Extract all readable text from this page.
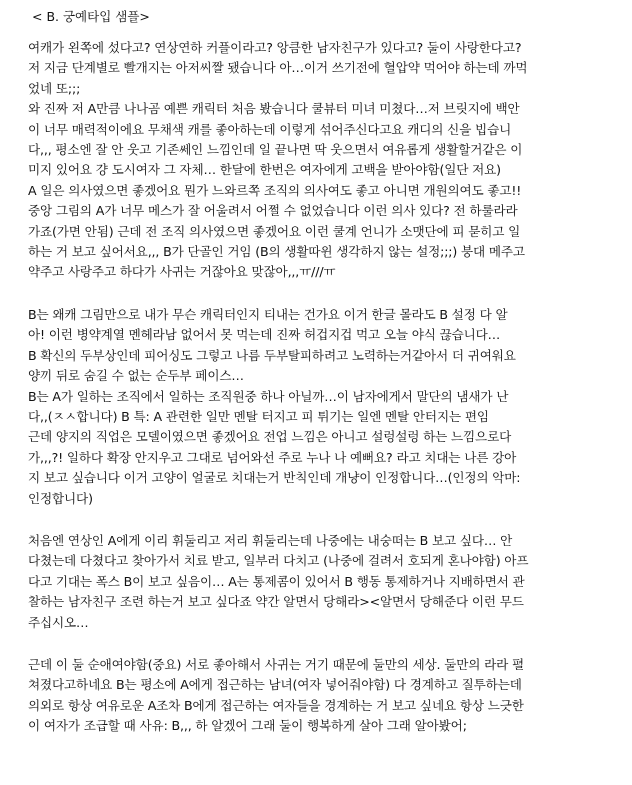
< B. 궁예타입 샘플>
여캐가 왼쪽에 섰다고? 연상연하 커플이라고? 앙큼한 남자친구가 있다고? 둘이 사랑한다고?
저 지금 단계별로 빨개지는 아저씨짤 됐습니다 아…이거 쓰기전에 혈압약 먹어야 하는데 까먹
었네 또;;;
와 진짜 저 A만큼 나나곰 예쁜 캐릭터 처음 봤습니다 쿨뷰터 미녀 미쳤다…저 브릿지에 백안
이 너무 매력적이에요 무채색 캐를 좋아하는데 이렇게 섞어주신다고요 캐디의 신을 빕습니
다,,, 평소엔 잘 안 웃고 기존쎄인 느낌인데 일 끝나면 딱 웃으면서 여유롭게 생활할거같은 이
미지 있어요 걍 도시여자 그 자체… 한달에 한번은 여자에게 고백을 받아야함(일단 저요)
A 일은 의사였으면 좋겠어요 뭔가 느와르쪽 조직의 의사여도 좋고 아니면 개원의여도 좋고!!
중앙 그림의 A가 너무 메스가 잘 어울려서 어쩔 수 없었습니다 이런 의사 있다? 전 하룰라라
가죠(가면 안됨) 근데 전 조직 의사였으면 좋겠어요 이런 쿨계 언니가 소맷단에 피 묻히고 일
하는 거 보고 싶어서요,,, B가 단골인 거임 (B의 생활따윈 생각하지 않는 설정;;;) 붕대 메주고
약주고 사랑주고 하다가 사귀는 거잖아요 맞잖아,,,ㅠ///ㅠ
B는 왜캐 그림만으로 내가 무슨 캐릭터인지 티내는 건가요 이거 한글 몰라도 B 설정 다 알
아! 이런 병약계열 멘헤라남 없어서 못 먹는데 진짜 허겁지겁 먹고 오늘 야식 끊습니다…
B 확신의 두부상인데 피어싱도 그렇고 나름 두부탈피하려고 노력하는거같아서 더 귀여워요
양끼 뒤로 숨길 수 없는 순두부 페이스…
B는 A가 일하는 조직에서 일하는 조직원중 하나 아닐까…이 남자에게서 말단의 냄새가 난
다,,(ㅈㅅ합니다) B 특: A 관련한 일만 멘탈 터지고 피 튀기는 일엔 멘탈 안터지는 편임
근데 양지의 직업은 모델이였으면 좋겠어요 전업 느낌은 아니고 설렁설렁 하는 느낌으로다
가,,,?! 일하다 확장 안지우고 그대로 넘어와선 주로 누나 나 예뻐요? 라고 치대는 나른 강아
지 보고 싶습니다 이거 고양이 얼굴로 치대는거 반칙인데 개냥이 인정합니다…(인정의 악마:
인정합니다)
처음엔 연상인 A에게 이리 휘둘리고 저리 휘둘리는데 나중에는 내숭떠는 B 보고 싶다… 안
다쳤는데 다쳤다고 찾아가서 치료 받고, 일부러 다치고 (나중에 걸려서 호되게 혼나야함) 아프
다고 기대는 폭스 B이 보고 싶음이… A는 통제콤이 있어서 B 행동 통제하거나 지배하면서 관
찰하는 남자친구 조련 하는거 보고 싶다죠 약간 알면서 당해라><알면서 당해준다 이런 무드
주십시오…
근데 이 둘 순애여야함(중요) 서로 좋아해서 사귀는 거기 때문에 둘만의 세상. 둘만의 라라 펼
쳐졌다고하네요 B는 평소에 A에게 접근하는 남녀(여자 넣어줘야함) 다 경계하고 질투하는데
의외로 항상 여유로운 A조차 B에게 접근하는 여자들을 경계하는 거 보고 싶네요 항상 느긋한
이 여자가 조급할 때 사유: B,,, 하 알겠어 그래 둘이 행복하게 살아 그래 알아봤어;
